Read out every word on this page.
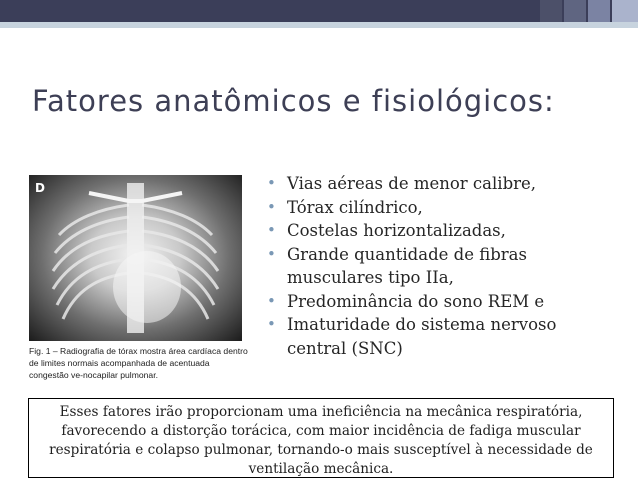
Fatores anatômicos e fisiológicos:
D
Fig. 1 – Radiografia de tórax mostra área cardíaca dentro de limites normais acompanhada de acentuada congestão ve-nocapilar pulmonar.
• Vias aéreas de menor calibre,
• Tórax cilíndrico,
• Costelas horizontalizadas,
• Grande quantidade de fibras musculares tipo IIa,
• Predominância do sono REM e
• Imaturidade do sistema nervoso central (SNC)
Esses fatores irão proporcionam uma ineficiência na mecânica respiratória, favorecendo a distorção torácica, com maior incidência de fadiga muscular respiratória e colapso pulmonar, tornando-o mais susceptível à necessidade de ventilação mecânica.
